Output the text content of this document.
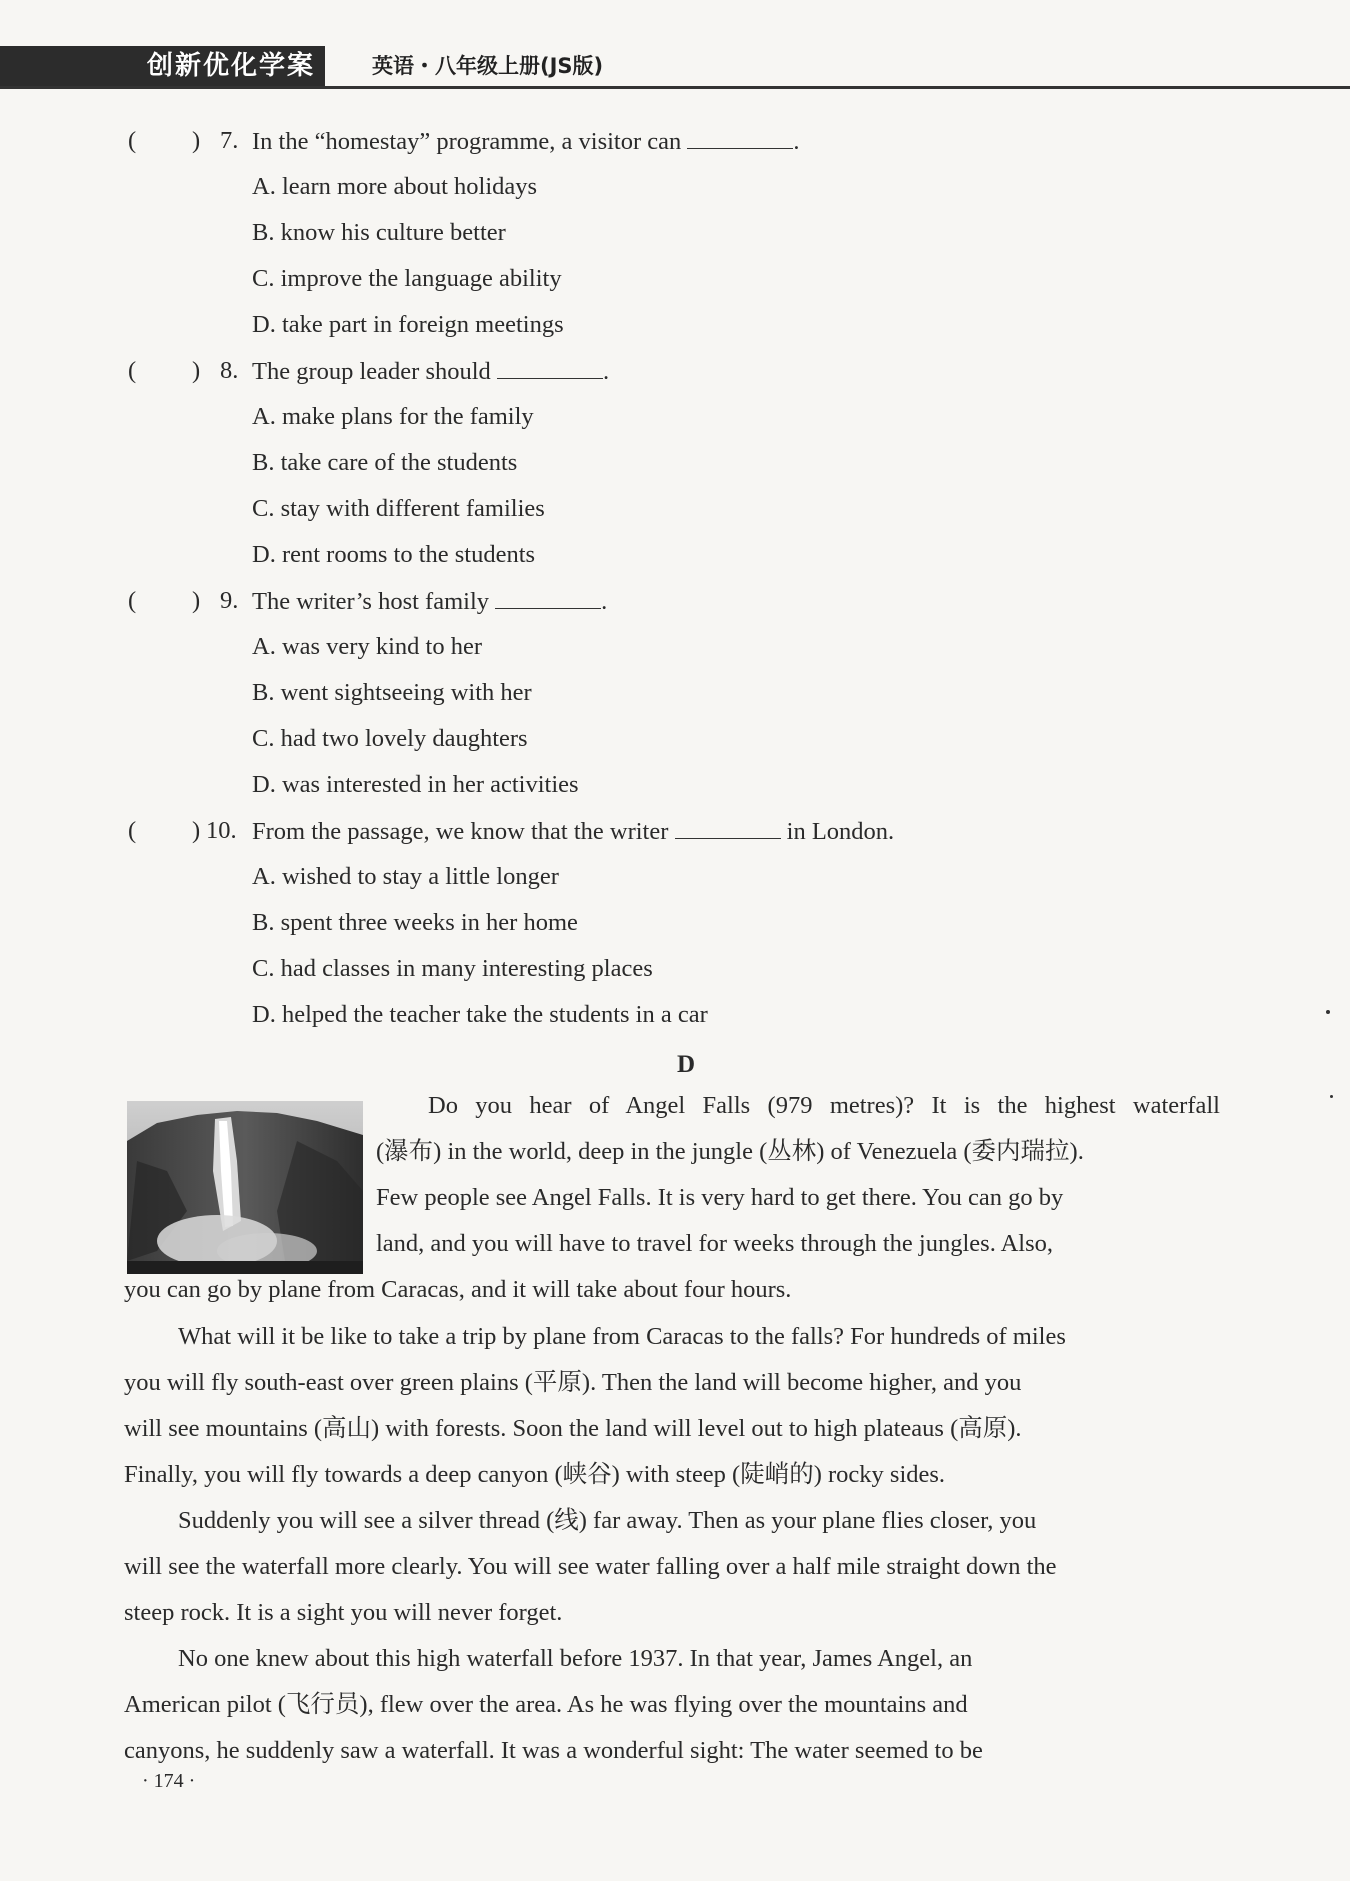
创新优化学案	英语・八年级上册(JS版)
( ) 7. In the “homestay” programme, a visitor can	.
A. learn more about holidays
B. know his culture better
C. improve the language ability
D. take part in foreign meetings
( ) 8. The group leader should	.
A. make plans for the family
B. take care of the students
C. stay with different families
D. rent rooms to the students
( ) 9. The writer’s host family	.
A. was very kind to her
B. went sightseeing with her
C. had two lovely daughters
D. was interested in her activities
( ) 10. From the passage, we know that the writer	in London.
A. wished to stay a little longer
B. spent three weeks in her home
C. had classes in many interesting places
D. helped the teacher take the students in a car
D
Do you hear of Angel Falls (979 metres)? It is the highest waterfall
(瀑布) in the world, deep in the jungle (丛林) of Venezuela (委内瑞拉).
Few people see Angel Falls. It is very hard to get there. You can go by
land, and you will have to travel for weeks through the jungles. Also,
you can go by plane from Caracas, and it will take about four hours.
What will it be like to take a trip by plane from Caracas to the falls? For hundreds of miles
you will fly south-east over green plains (平原). Then the land will become higher, and you
will see mountains (高山) with forests. Soon the land will level out to high plateaus (高原).
Finally, you will fly towards a deep canyon (峡谷) with steep (陡峭的) rocky sides.
Suddenly you will see a silver thread (线) far away. Then as your plane flies closer, you
will see the waterfall more clearly. You will see water falling over a half mile straight down the
steep rock. It is a sight you will never forget.
No one knew about this high waterfall before 1937. In that year, James Angel, an
American pilot (飞行员), flew over the area. As he was flying over the mountains and
canyons, he suddenly saw a waterfall. It was a wonderful sight: The water seemed to be
· 174 ·
